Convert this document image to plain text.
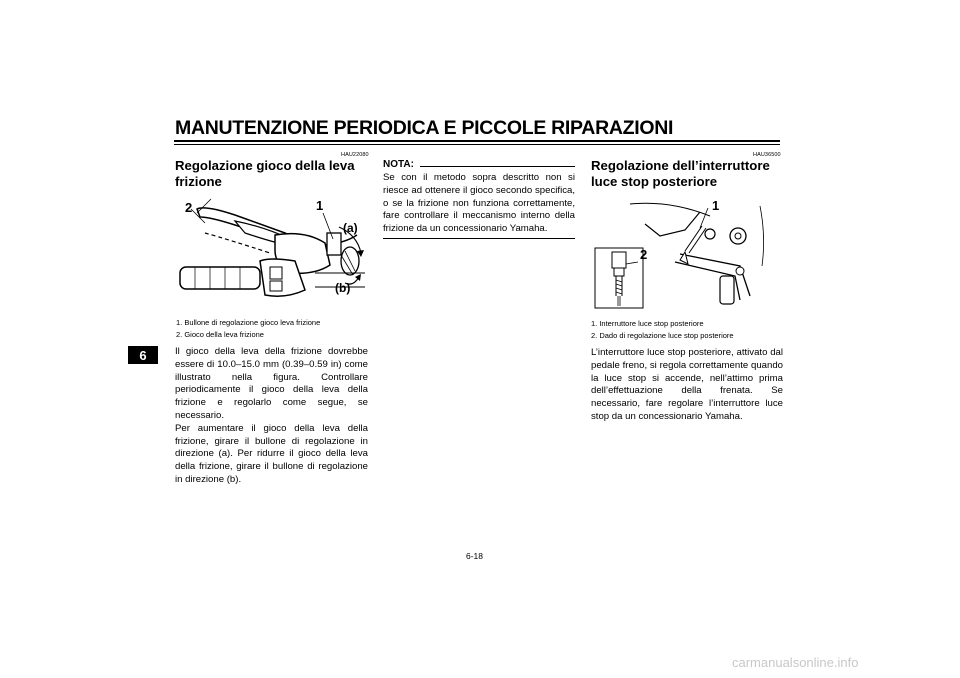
MANUTENZIONE PERIODICA E PICCOLE RIPARAZIONI
6
HAU22080
Regolazione gioco della leva
frizione
2	1
(a)
(b)
1. Bullone di regolazione gioco leva frizione
2. Gioco della leva frizione

Il gioco della leva della frizione dovrebbe essere di 10.0–15.0 mm (0.39–0.59 in) come illustrato nella figura. Controllare periodicamente il gioco della leva della frizione e regolarlo come segue, se necessario.

Per aumentare il gioco della leva della frizione, girare il bullone di regolazione in direzione (a). Per ridurre il gioco della leva della frizione, girare il bullone di regolazione in direzione (b).

NOTA:
Se con il metodo sopra descritto non si riesce ad ottenere il gioco secondo specifica, o se la frizione non funziona correttamente, fare controllare il meccanismo interno della frizione da un concessionario Yamaha.
HAU36500
Regolazione dell’interruttore
luce stop posteriore
1
2
1. Interruttore luce stop posteriore
2. Dado di regolazione luce stop posteriore
L’interruttore luce stop posteriore, attivato dal pedale freno, si regola correttamente quando la luce stop si accende, nell’attimo prima dell’effettuazione della frenata. Se necessario, fare regolare l’interruttore luce stop da un concessionario Yamaha.
6-18
carmanualsonline.info
